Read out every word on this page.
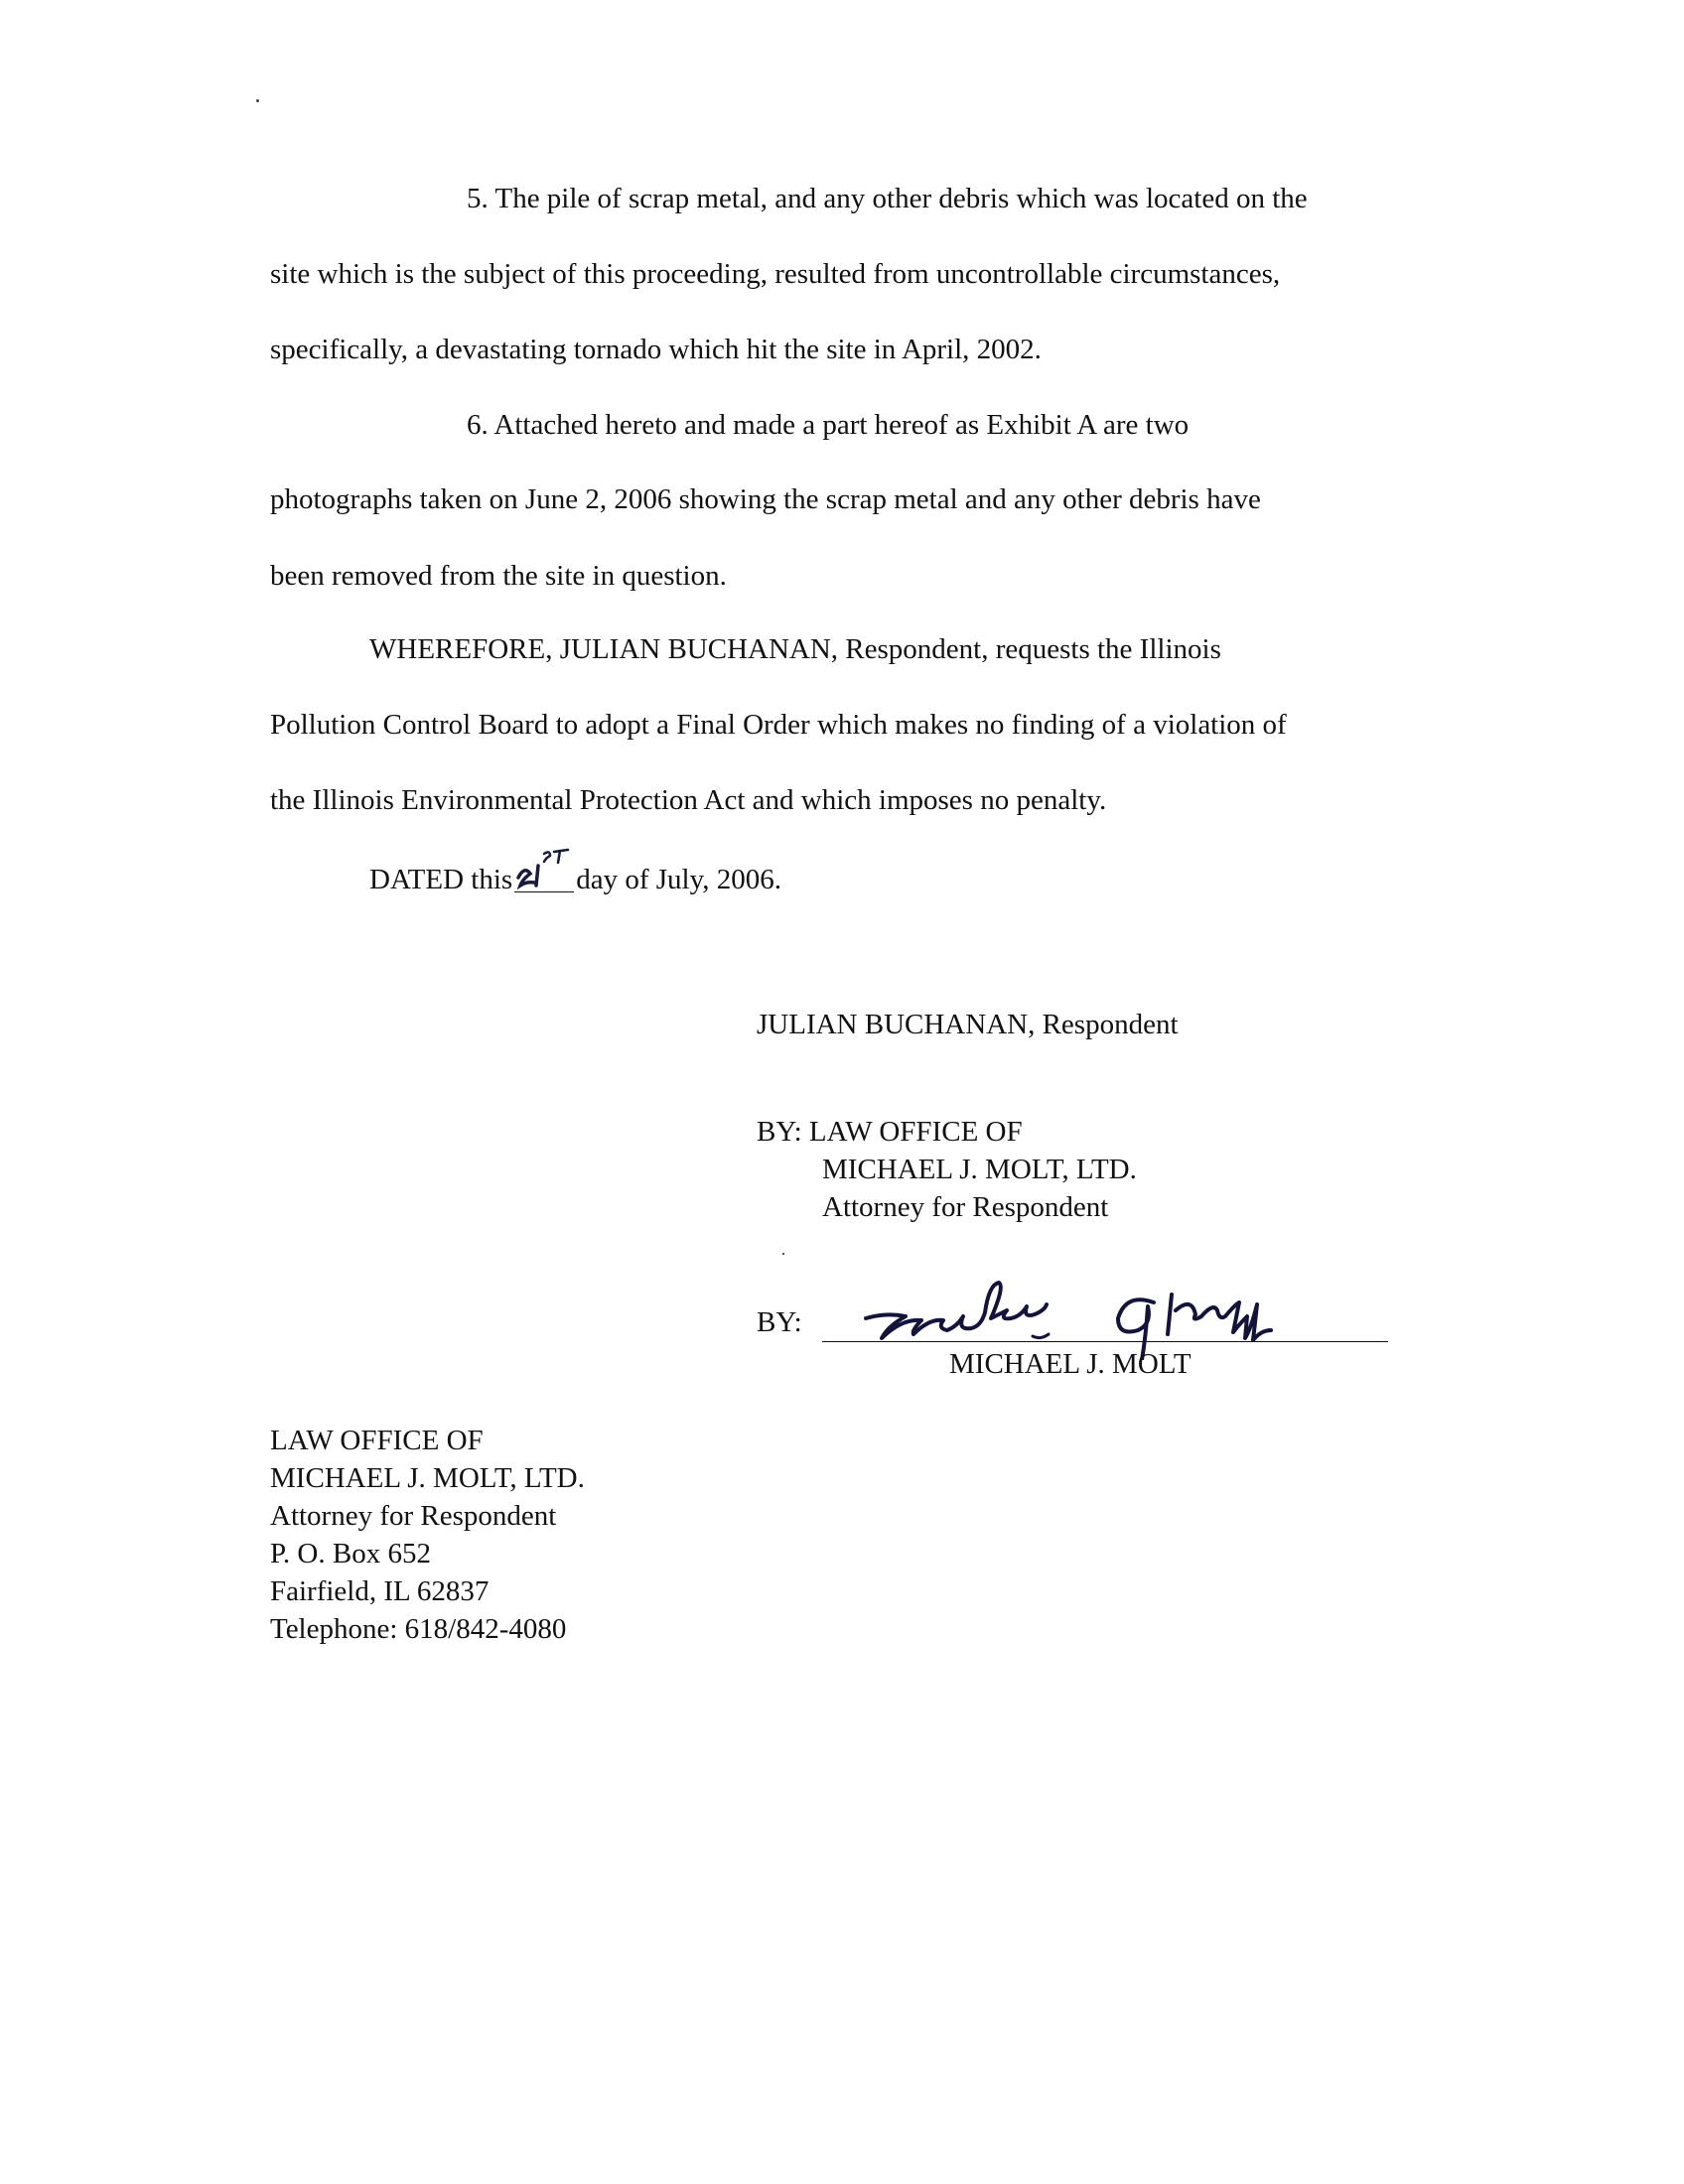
5. The pile of scrap metal, and any other debris which was located on the
site which is the subject of this proceeding, resulted from uncontrollable circumstances,
specifically, a devastating tornado which hit the site in April, 2002.
6. Attached hereto and made a part hereof as Exhibit A are two
photographs taken on June 2, 2006 showing the scrap metal and any other debris have
been removed from the site in question.
WHEREFORE, JULIAN BUCHANAN, Respondent, requests the Illinois
Pollution Control Board to adopt a Final Order which makes no finding of a violation of
the Illinois Environmental Protection Act and which imposes no penalty.
DATED this day of July, 2006.
JULIAN BUCHANAN, Respondent
BY: LAW OFFICE OF
MICHAEL J. MOLT, LTD.
Attorney for Respondent
BY:
MICHAEL J. MOLT
LAW OFFICE OF
MICHAEL J. MOLT, LTD.
Attorney for Respondent
P. O. Box 652
Fairfield, IL 62837
Telephone: 618/842-4080
